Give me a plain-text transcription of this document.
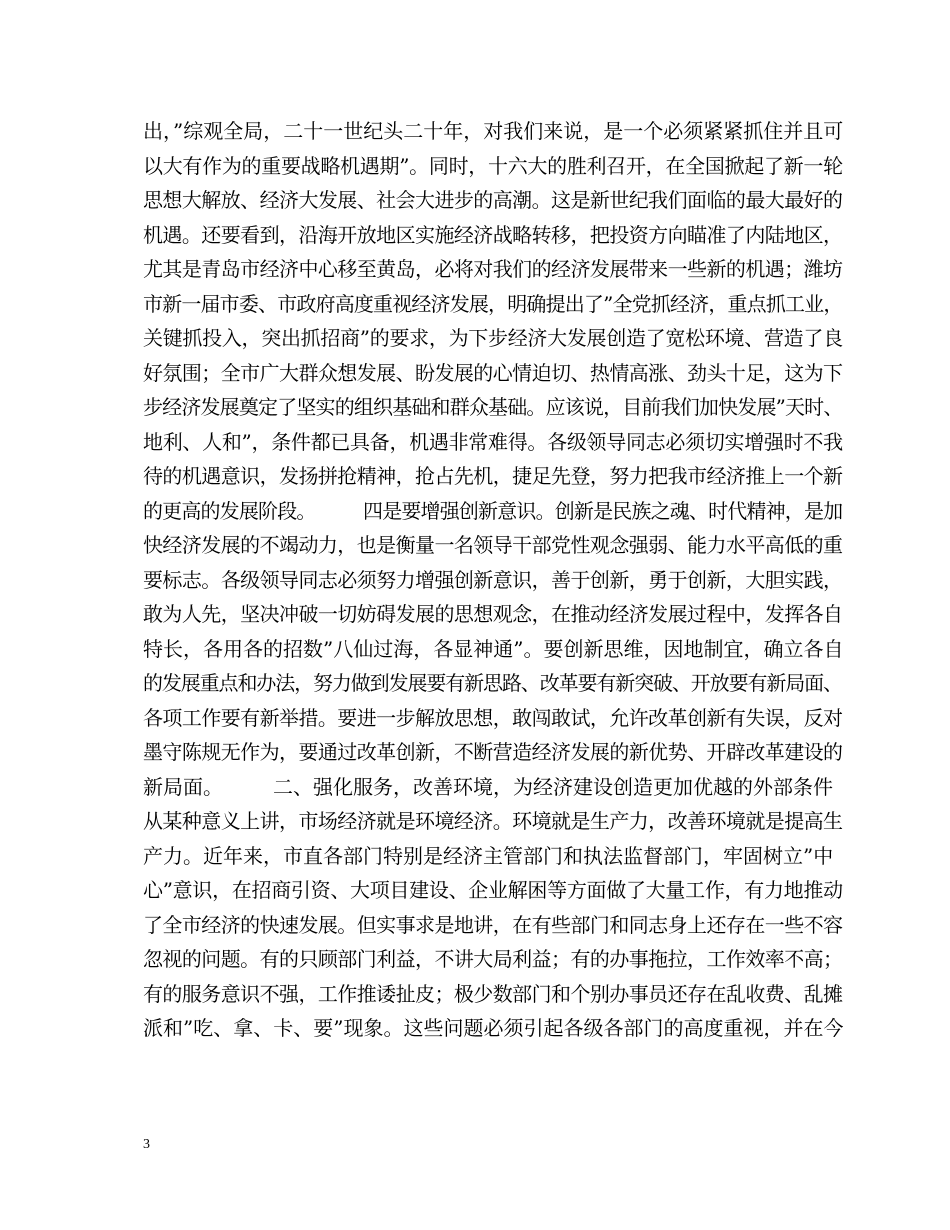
出，”综观全局，二十一世纪头二十年，对我们来说，是一个必须紧紧抓住并且可
以大有作为的重要战略机遇期”。同时，十六大的胜利召开，在全国掀起了新一轮
思想大解放、经济大发展、社会大进步的高潮。这是新世纪我们面临的最大最好的
机遇。还要看到，沿海开放地区实施经济战略转移，把投资方向瞄准了内陆地区，
尤其是青岛市经济中心移至黄岛，必将对我们的经济发展带来一些新的机遇；潍坊
市新一届市委、市政府高度重视经济发展，明确提出了”全党抓经济，重点抓工业，
关键抓投入，突出抓招商”的要求，为下步经济大发展创造了宽松环境、营造了良
好氛围；全市广大群众想发展、盼发展的心情迫切、热情高涨、劲头十足，这为下
步经济发展奠定了坚实的组织基础和群众基础。应该说，目前我们加快发展”天时、
地利、人和”，条件都已具备，机遇非常难得。各级领导同志必须切实增强时不我
待的机遇意识，发扬拼抢精神，抢占先机，捷足先登，努力把我市经济推上一个新
的更高的发展阶段。　　　四是要增强创新意识。创新是民族之魂、时代精神，是加
快经济发展的不竭动力，也是衡量一名领导干部党性观念强弱、能力水平高低的重
要标志。各级领导同志必须努力增强创新意识，善于创新，勇于创新，大胆实践，
敢为人先，坚决冲破一切妨碍发展的思想观念，在推动经济发展过程中，发挥各自
特长，各用各的招数”八仙过海，各显神通”。要创新思维，因地制宜，确立各自
的发展重点和办法，努力做到发展要有新思路、改革要有新突破、开放要有新局面、
各项工作要有新举措。要进一步解放思想，敢闯敢试，允许改革创新有失误，反对
墨守陈规无作为，要通过改革创新，不断营造经济发展的新优势、开辟改革建设的
新局面。　　　二、强化服务，改善环境，为经济建设创造更加优越的外部条件
从某种意义上讲，市场经济就是环境经济。环境就是生产力，改善环境就是提高生
产力。近年来，市直各部门特别是经济主管部门和执法监督部门，牢固树立”中
心”意识，在招商引资、大项目建设、企业解困等方面做了大量工作，有力地推动
了全市经济的快速发展。但实事求是地讲，在有些部门和同志身上还存在一些不容
忽视的问题。有的只顾部门利益，不讲大局利益；有的办事拖拉，工作效率不高；
有的服务意识不强，工作推诿扯皮；极少数部门和个别办事员还存在乱收费、乱摊
派和”吃、拿、卡、要”现象。这些问题必须引起各级各部门的高度重视，并在今
3
